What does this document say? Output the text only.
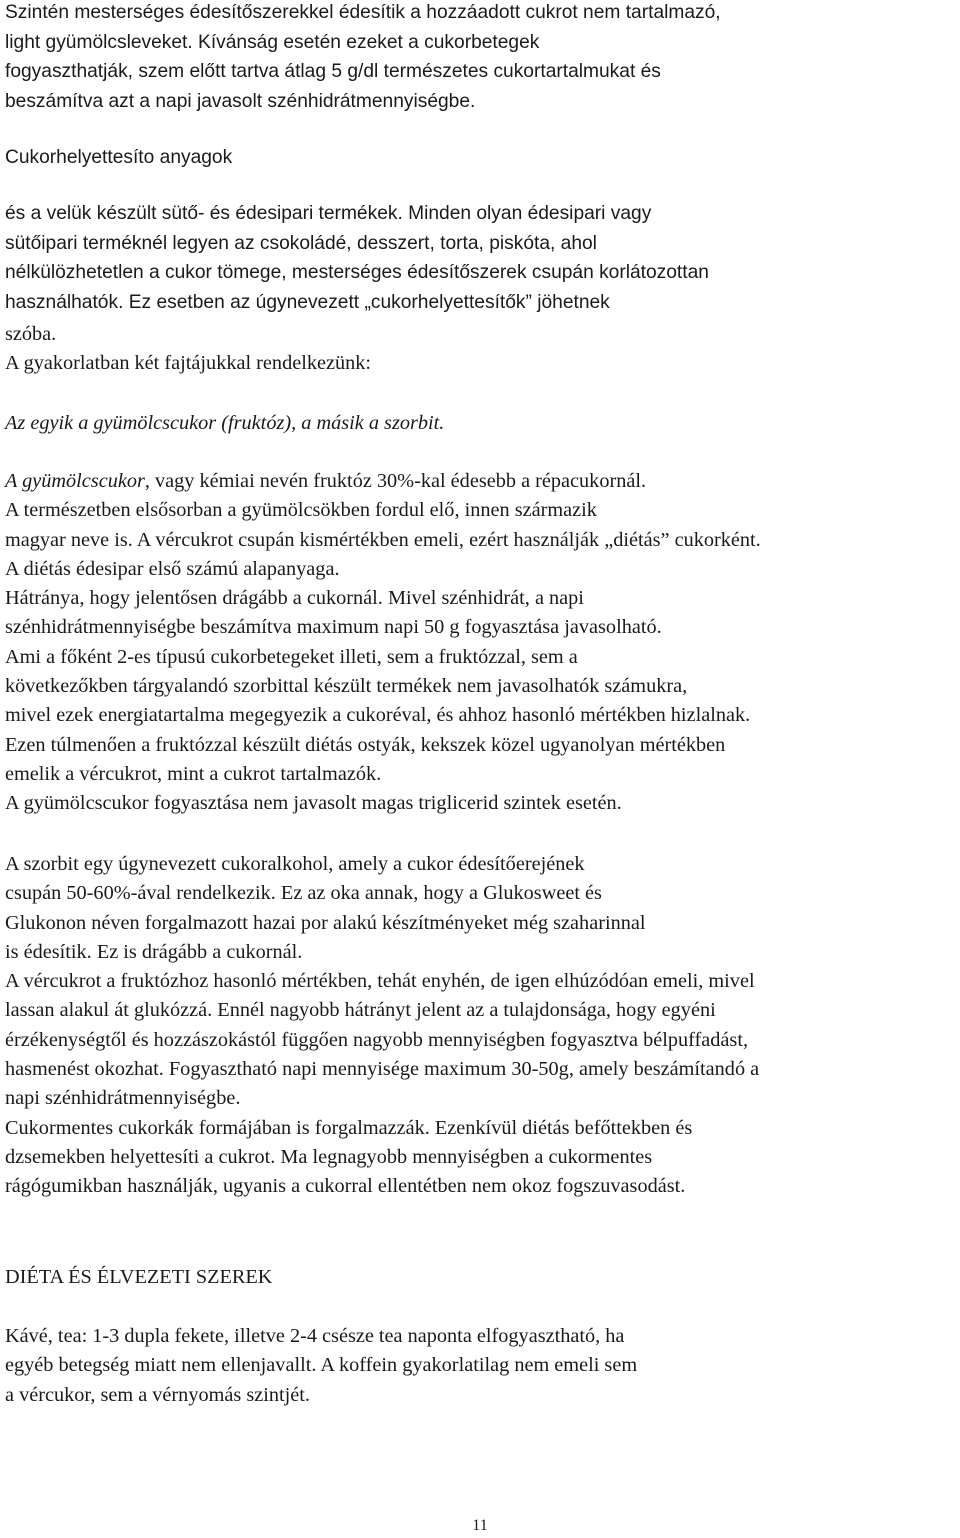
Szintén mesterséges édesítőszerekkel édesítik a hozzáadott cukrot nem tartalmazó,
light gyümölcsleveket. Kívánság esetén ezeket a cukorbetegek
fogyaszthatják, szem előtt tartva átlag 5 g/dl természetes cukortartalmukat és
beszámítva azt a napi javasolt szénhidrátmennyiségbe.
Cukorhelyettesíto anyagok
és a velük készült sütő- és édesipari termékek. Minden olyan édesipari vagy
sütőipari terméknél legyen az csokoládé, desszert, torta, piskóta, ahol
nélkülözhetetlen a cukor tömege, mesterséges édesítőszerek csupán korlátozottan
használhatók. Ez esetben az úgynevezett „cukorhelyettesítők” jöhetnek
szóba.
A gyakorlatban két fajtájukkal rendelkezünk:
Az egyik a gyümölcscukor (fruktóz), a másik a szorbit.
A gyümölcscukor, vagy kémiai nevén fruktóz 30%-kal édesebb a répacukornál.
A természetben elsősorban a gyümölcsökben fordul elő, innen származik
magyar neve is. A vércukrot csupán kismértékben emeli, ezért használják „diétás” cukorként.
A diétás édesipar első számú alapanyaga.
Hátránya, hogy jelentősen drágább a cukornál. Mivel szénhidrát, a napi
szénhidrátmennyiségbe beszámítva maximum napi 50 g fogyasztása javasolható.
Ami a főként 2-es típusú cukorbetegeket illeti, sem a fruktózzal, sem a
következőkben tárgyalandó szorbittal készült termékek nem javasolhatók számukra,
mivel ezek energiatartalma megegyezik a cukoréval, és ahhoz hasonló mértékben hizlalnak.
Ezen túlmenően a fruktózzal készült diétás ostyák, kekszek közel ugyanolyan mértékben
emelik a vércukrot, mint a cukrot tartalmazók.
A gyümölcscukor fogyasztása nem javasolt magas triglicerid szintek esetén.
A szorbit egy úgynevezett cukoralkohol, amely a cukor édesítőerejének
csupán 50-60%-ával rendelkezik. Ez az oka annak, hogy a Glukosweet és
Glukonon néven forgalmazott hazai por alakú készítményeket még szaharinnal
is édesítik. Ez is drágább a cukornál.
A vércukrot a fruktózhoz hasonló mértékben, tehát enyhén, de igen elhúzódóan emeli, mivel
lassan alakul át glukózzá. Ennél nagyobb hátrányt jelent az a tulajdonsága, hogy egyéni
érzékenységtől és hozzászokástól függően nagyobb mennyiségben fogyasztva bélpuffadást,
hasmenést okozhat. Fogyasztható napi mennyisége maximum 30-50g, amely beszámítandó a
napi szénhidrátmennyiségbe.
Cukormentes cukorkák formájában is forgalmazzák. Ezenkívül diétás befőttekben és
dzsemekben helyettesíti a cukrot. Ma legnagyobb mennyiségben a cukormentes
rágógumikban használják, ugyanis a cukorral ellentétben nem okoz fogszuvasodást.
DIÉTA ÉS ÉLVEZETI SZEREK
Kávé, tea: 1-3 dupla fekete, illetve 2-4 csésze tea naponta elfogyasztható, ha
egyéb betegség miatt nem ellenjavallt. A koffein gyakorlatilag nem emeli sem
a vércukor, sem a vérnyomás szintjét.
11
